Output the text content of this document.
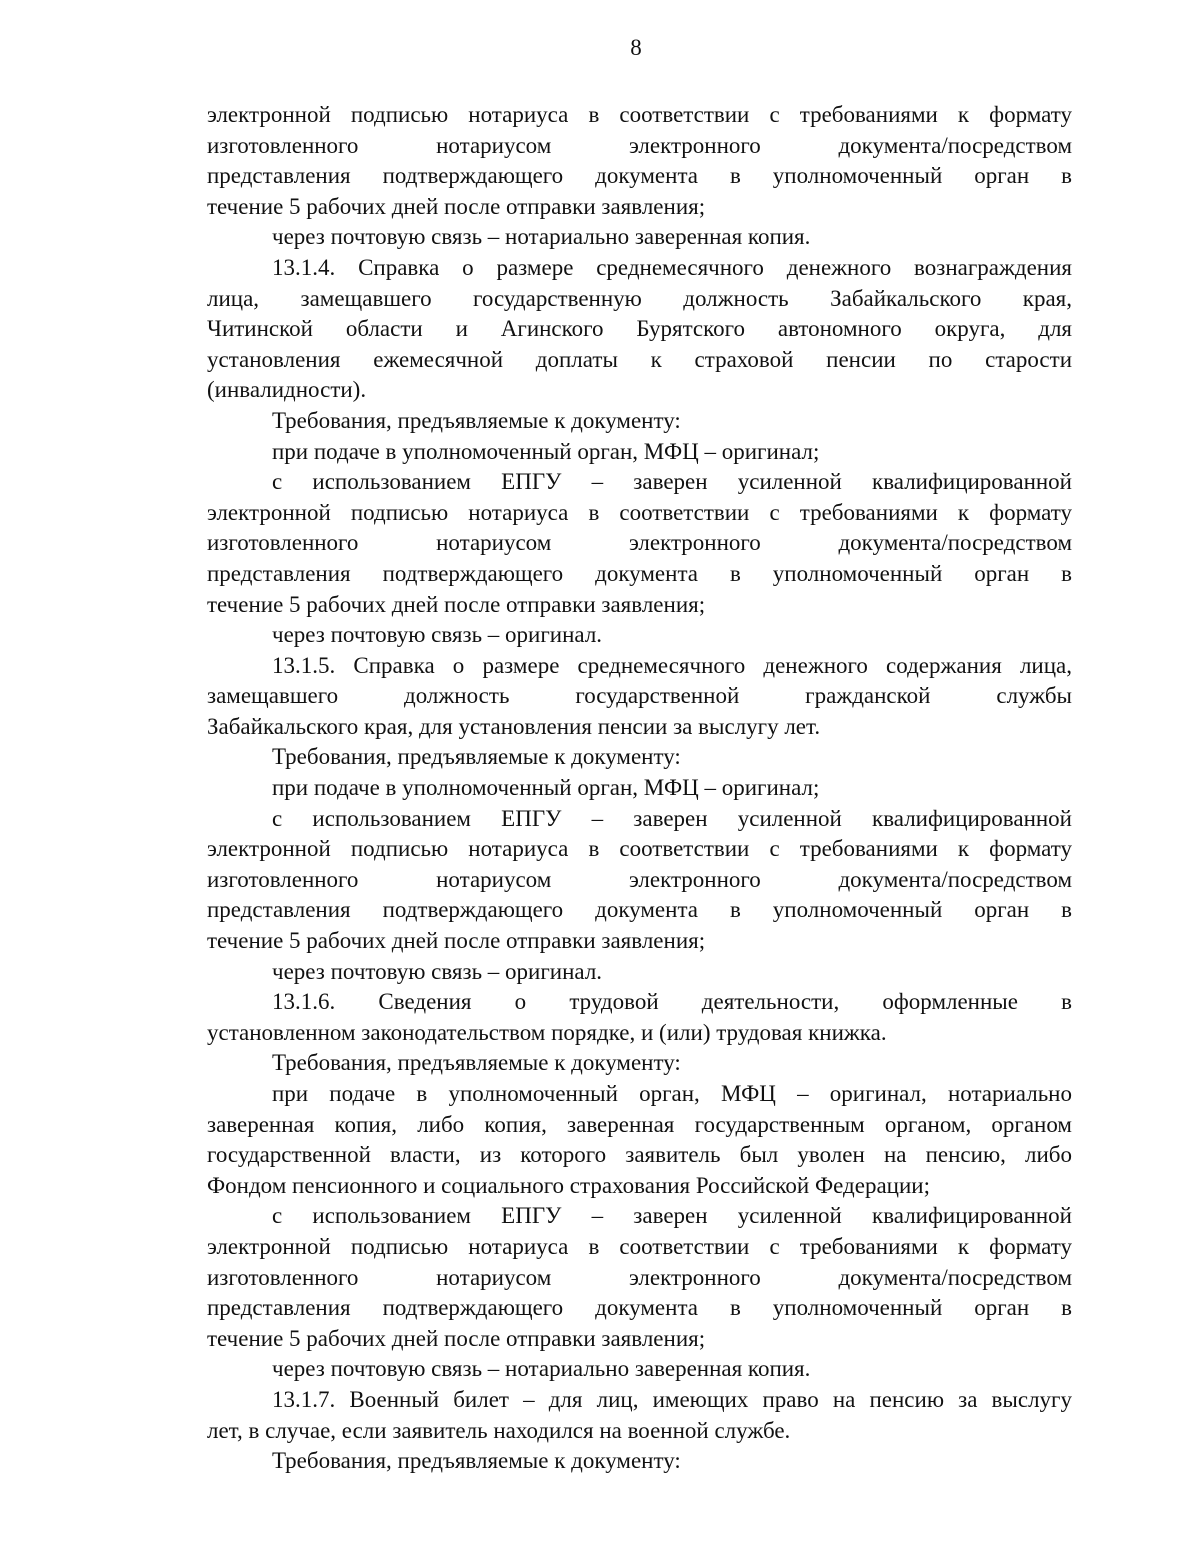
8
электронной подписью нотариуса в соответствии с требованиями к формату
изготовленного нотариусом электронного документа/посредством
представления подтверждающего документа в уполномоченный орган в
течение 5 рабочих дней после отправки заявления;
через почтовую связь – нотариально заверенная копия.
13.1.4. Справка о размере среднемесячного денежного вознаграждения
лица, замещавшего государственную должность Забайкальского края,
Читинской области и Агинского Бурятского автономного округа, для
установления ежемесячной доплаты к страховой пенсии по старости
(инвалидности).
Требования, предъявляемые к документу:
при подаче в уполномоченный орган, МФЦ – оригинал;
с использованием ЕПГУ – заверен усиленной квалифицированной
электронной подписью нотариуса в соответствии с требованиями к формату
изготовленного нотариусом электронного документа/посредством
представления подтверждающего документа в уполномоченный орган в
течение 5 рабочих дней после отправки заявления;
через почтовую связь – оригинал.
13.1.5. Справка о размере среднемесячного денежного содержания лица,
замещавшего должность государственной гражданской службы
Забайкальского края, для установления пенсии за выслугу лет.
Требования, предъявляемые к документу:
при подаче в уполномоченный орган, МФЦ – оригинал;
с использованием ЕПГУ – заверен усиленной квалифицированной
электронной подписью нотариуса в соответствии с требованиями к формату
изготовленного нотариусом электронного документа/посредством
представления подтверждающего документа в уполномоченный орган в
течение 5 рабочих дней после отправки заявления;
через почтовую связь – оригинал.
13.1.6. Сведения о трудовой деятельности, оформленные в
установленном законодательством порядке, и (или) трудовая книжка.
Требования, предъявляемые к документу:
при подаче в уполномоченный орган, МФЦ – оригинал, нотариально
заверенная копия, либо копия, заверенная государственным органом, органом
государственной власти, из которого заявитель был уволен на пенсию, либо
Фондом пенсионного и социального страхования Российской Федерации;
с использованием ЕПГУ – заверен усиленной квалифицированной
электронной подписью нотариуса в соответствии с требованиями к формату
изготовленного нотариусом электронного документа/посредством
представления подтверждающего документа в уполномоченный орган в
течение 5 рабочих дней после отправки заявления;
через почтовую связь – нотариально заверенная копия.
13.1.7. Военный билет – для лиц, имеющих право на пенсию за выслугу
лет, в случае, если заявитель находился на военной службе.
Требования, предъявляемые к документу:
